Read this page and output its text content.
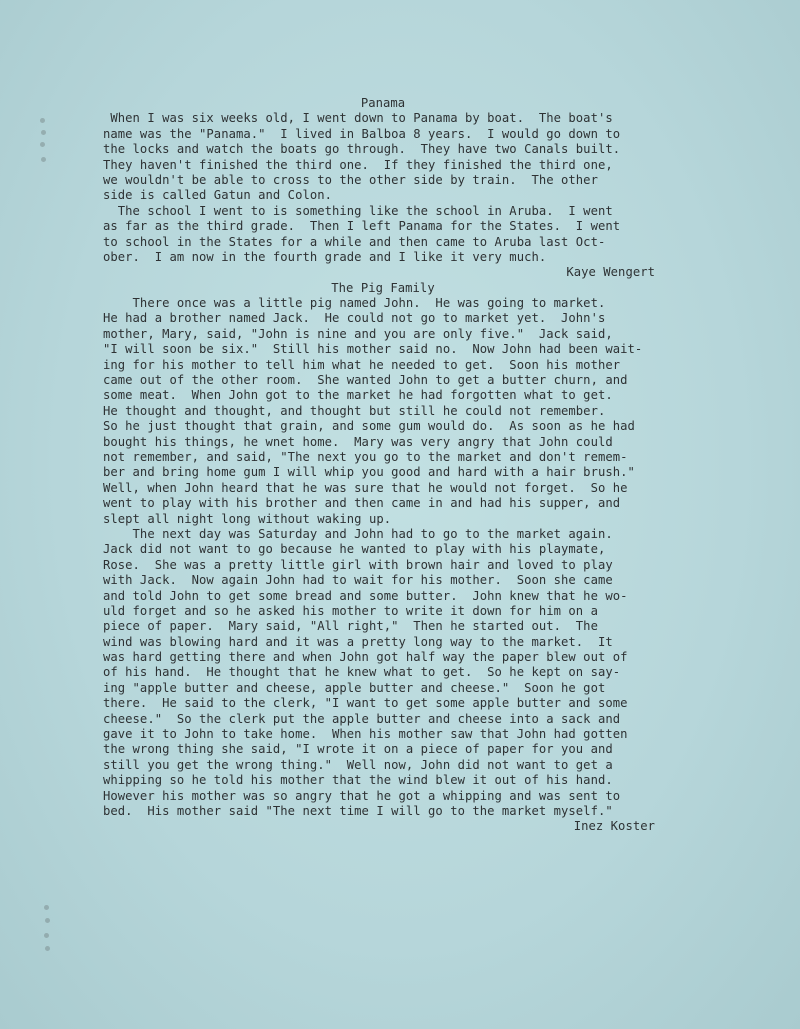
Panama
When I was six weeks old, I went down to Panama by boat.  The boat's
name was the "Panama."  I lived in Balboa 8 years.  I would go down to
the locks and watch the boats go through.  They have two Canals built.
They haven't finished the third one.  If they finished the third one,
we wouldn't be able to cross to the other side by train.  The other
side is called Gatun and Colon.
The school I went to is something like the school in Aruba.  I went
as far as the third grade.  Then I left Panama for the States.  I went
to school in the States for a while and then came to Aruba last Oct-
ober.  I am now in the fourth grade and I like it very much.
Kaye Wengert
The Pig Family
There once was a little pig named John.  He was going to market.
He had a brother named Jack.  He could not go to market yet.  John's
mother, Mary, said, "John is nine and you are only five."  Jack said,
"I will soon be six."  Still his mother said no.  Now John had been wait-
ing for his mother to tell him what he needed to get.  Soon his mother
came out of the other room.  She wanted John to get a butter churn, and
some meat.  When John got to the market he had forgotten what to get.
He thought and thought, and thought but still he could not remember.
So he just thought that grain, and some gum would do.  As soon as he had
bought his things, he wnet home.  Mary was very angry that John could
not remember, and said, "The next you go to the market and don't remem-
ber and bring home gum I will whip you good and hard with a hair brush."
Well, when John heard that he was sure that he would not forget.  So he
went to play with his brother and then came in and had his supper, and
slept all night long without waking up.
The next day was Saturday and John had to go to the market again.
Jack did not want to go because he wanted to play with his playmate,
Rose.  She was a pretty little girl with brown hair and loved to play
with Jack.  Now again John had to wait for his mother.  Soon she came
and told John to get some bread and some butter.  John knew that he wo-
uld forget and so he asked his mother to write it down for him on a
piece of paper.  Mary said, "All right,"  Then he started out.  The
wind was blowing hard and it was a pretty long way to the market.  It
was hard getting there and when John got half way the paper blew out of
of his hand.  He thought that he knew what to get.  So he kept on say-
ing "apple butter and cheese, apple butter and cheese."  Soon he got
there.  He said to the clerk, "I want to get some apple butter and some
cheese."  So the clerk put the apple butter and cheese into a sack and
gave it to John to take home.  When his mother saw that John had gotten
the wrong thing she said, "I wrote it on a piece of paper for you and
still you get the wrong thing."  Well now, John did not want to get a
whipping so he told his mother that the wind blew it out of his hand.
However his mother was so angry that he got a whipping and was sent to
bed.  His mother said "The next time I will go to the market myself."
Inez Koster
